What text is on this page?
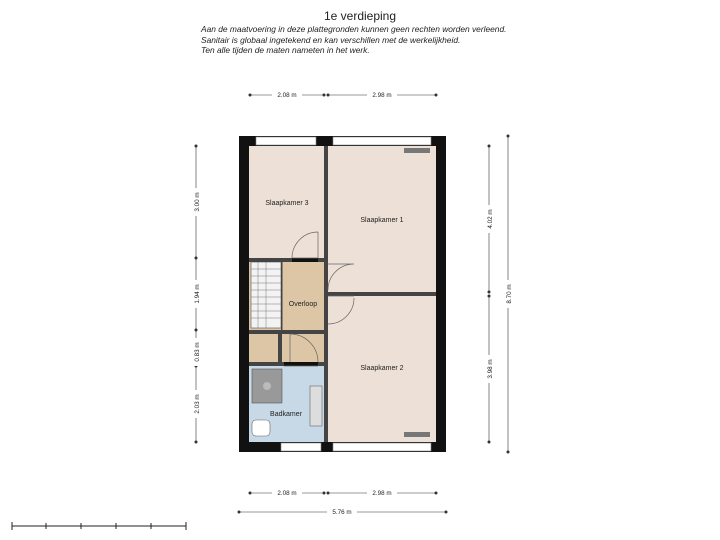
1e verdieping
Aan de maatvoering in deze plattegronden kunnen geen rechten worden verleend.
Sanitair is globaal ingetekend en kan verschillen met de werkelijkheid.
Ten alle tijden de maten nameten in het werk.
Slaapkamer 3
Slaapkamer 1
Overloop
Slaapkamer 2
Badkamer
2.08 m	2.98 m
2.08 m	2.98 m
5.76 m
3.00 m
1.94 m
0.83 m
2.03 m
4.02 m
3.98 m
8.70 m
